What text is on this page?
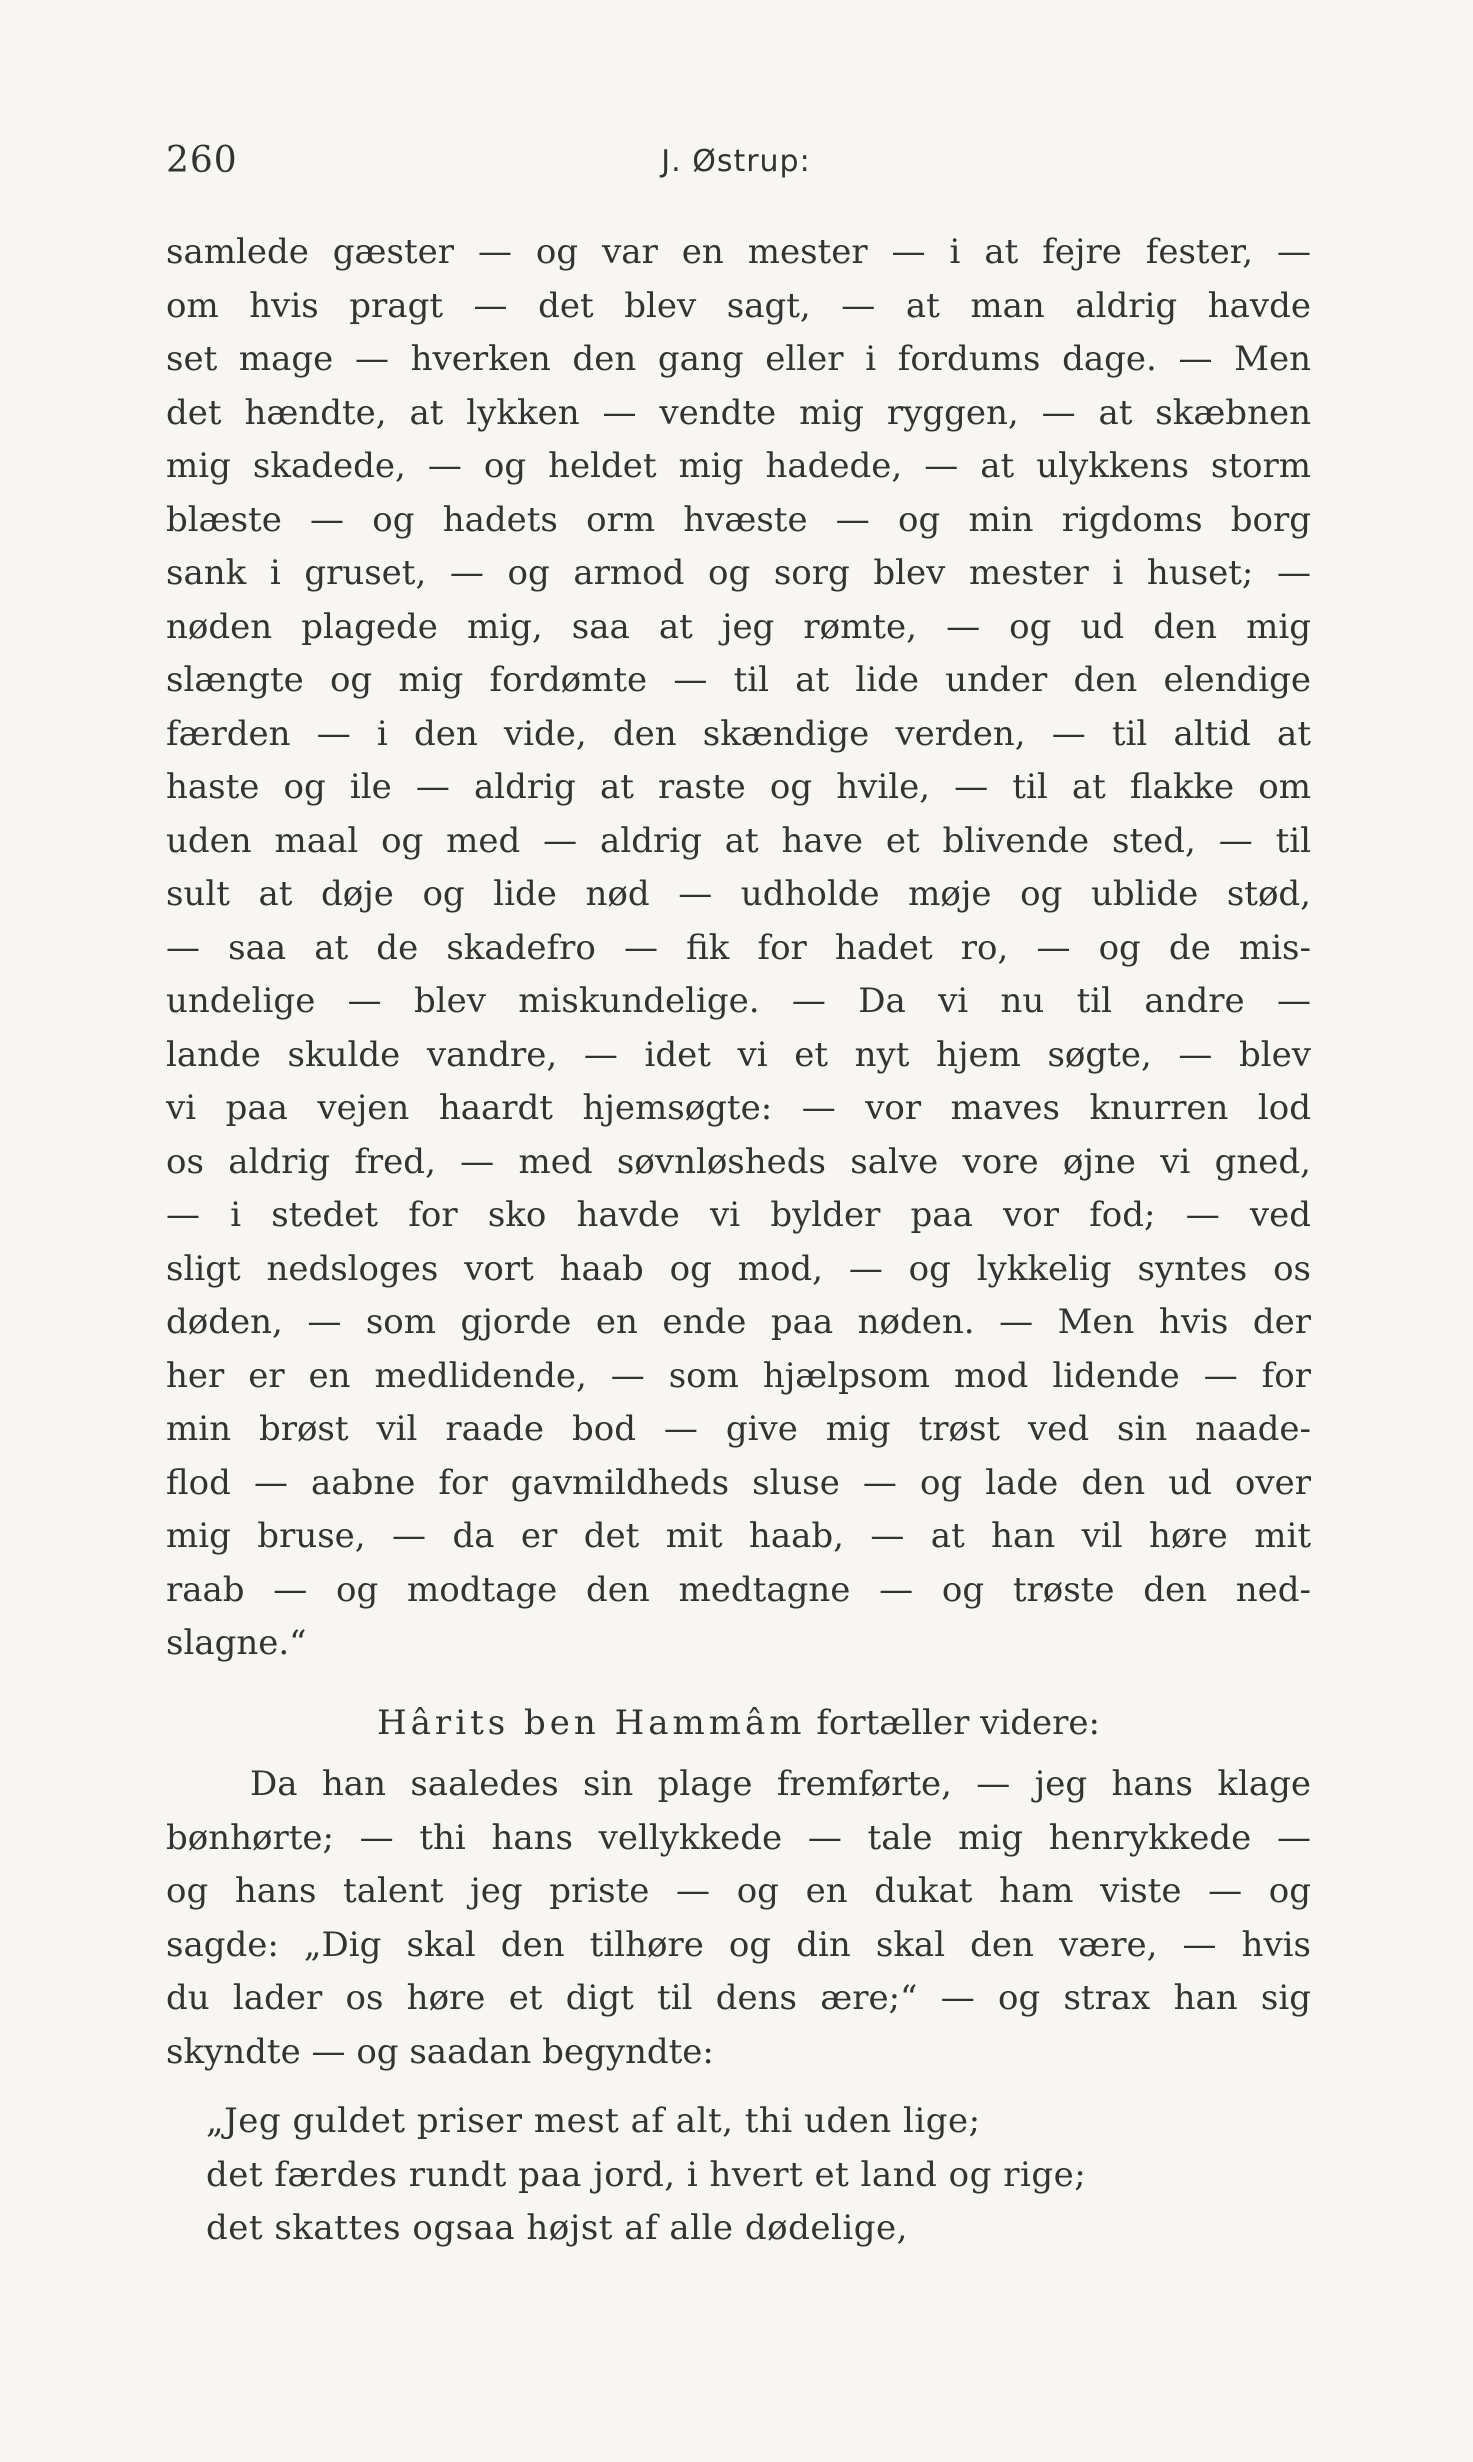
260	J. Østrup:
samlede gæster — og var en mester — i at fejre fester, —
om hvis pragt — det blev sagt, — at man aldrig havde
set mage — hverken den gang eller i fordums dage. — Men
det hændte, at lykken — vendte mig ryggen, — at skæbnen
mig skadede, — og heldet mig hadede, — at ulykkens storm
blæste — og hadets orm hvæste — og min rigdoms borg
sank i gruset, — og armod og sorg blev mester i huset; —
nøden plagede mig, saa at jeg rømte, — og ud den mig
slængte og mig fordømte — til at lide under den elendige
færden — i den vide, den skændige verden, — til altid at
haste og ile — aldrig at raste og hvile, — til at flakke om
uden maal og med — aldrig at have et blivende sted, — til
sult at døje og lide nød — udholde møje og ublide stød,
— saa at de skadefro — fik for hadet ro, — og de mis-
undelige — blev miskundelige. — Da vi nu til andre —
lande skulde vandre, — idet vi et nyt hjem søgte, — blev
vi paa vejen haardt hjemsøgte: — vor maves knurren lod
os aldrig fred, — med søvnløsheds salve vore øjne vi gned,
— i stedet for sko havde vi bylder paa vor fod; — ved
sligt nedsloges vort haab og mod, — og lykkelig syntes os
døden, — som gjorde en ende paa nøden. — Men hvis der
her er en medlidende, — som hjælpsom mod lidende — for
min brøst vil raade bod — give mig trøst ved sin naade-
flod — aabne for gavmildheds sluse — og lade den ud over
mig bruse, — da er det mit haab, — at han vil høre mit
raab — og modtage den medtagne — og trøste den ned-
slagne.“
Hârits ben Hammâm fortæller videre:
Da han saaledes sin plage fremførte, — jeg hans klage
bønhørte; — thi hans vellykkede — tale mig henrykkede —
og hans talent jeg priste — og en dukat ham viste — og
sagde: „Dig skal den tilhøre og din skal den være, — hvis
du lader os høre et digt til dens ære;“ — og strax han sig
skyndte — og saadan begyndte:
„Jeg guldet priser mest af alt, thi uden lige;
det færdes rundt paa jord, i hvert et land og rige;
det skattes ogsaa højst af alle dødelige,
